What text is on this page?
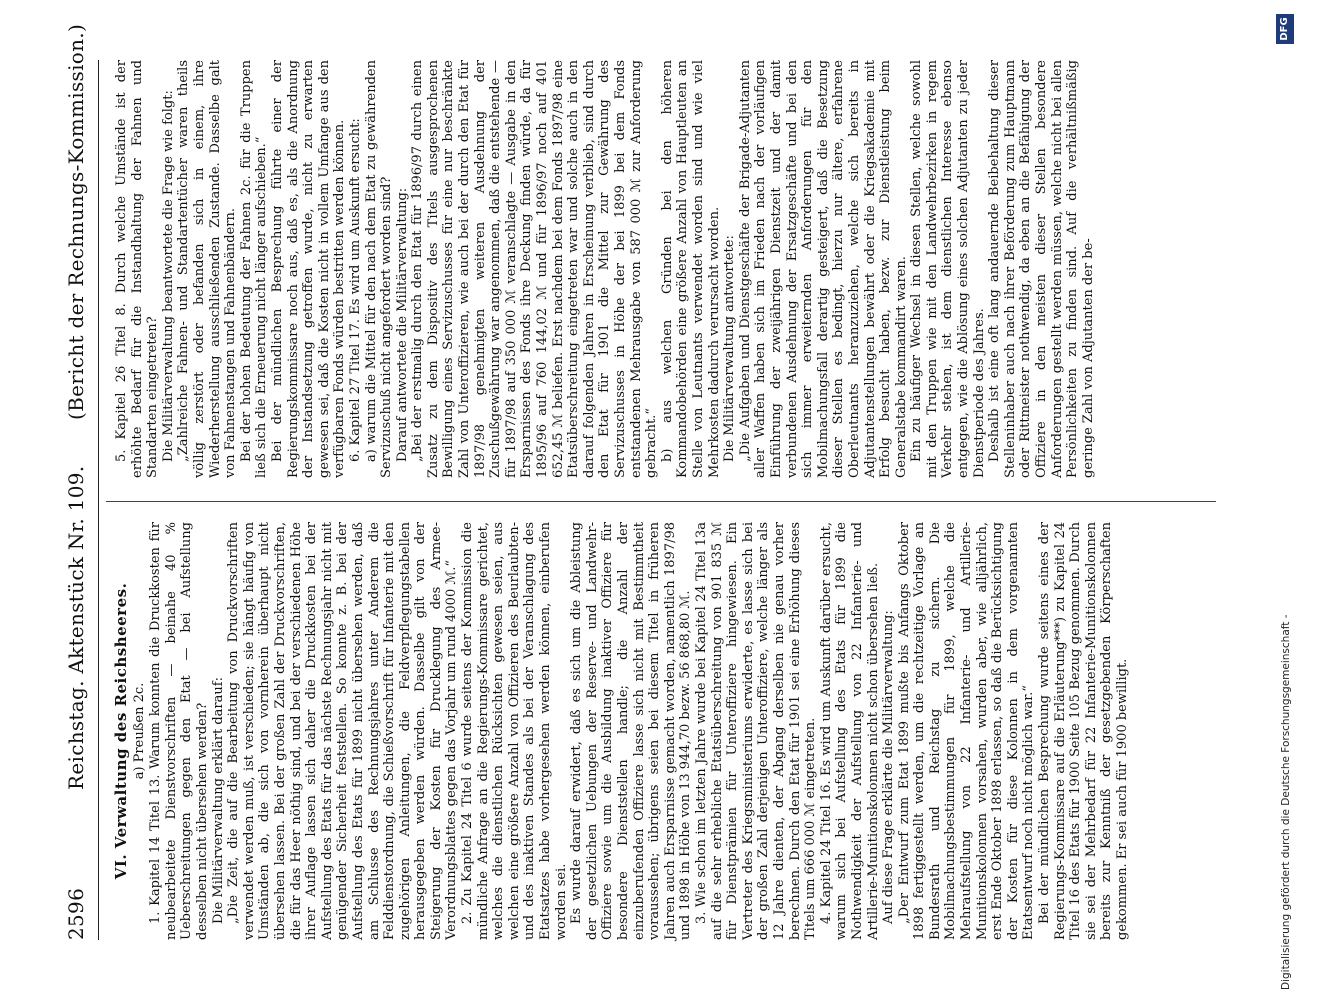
2596
Reichstag. Aktenstück Nr. 109.
(Bericht der Rechnungs-Kommission.)

VI. Verwaltung des Reichsheeres. a) Preußen 2c. 1. Kapitel 14 Titel 13. Warum konnten die Druckkosten für neubearbeitete Dienstvorschriften — beinahe 40 % Ueberschreitungen gegen den Etat — bei Aufstellung desselben nicht übersehen werden? Die Militärverwaltung erklärt darauf: „Die Zeit, die auf die Bearbeitung von Druckvorschriften verwendet werden muß, ist verschieden; sie hängt häufig von Umständen ab, die sich von vornherein überhaupt nicht übersehen lassen. Bei der großen Zahl der Druckvorschriften, die für das Heer nöthig sind, und bei der verschiedenen Höhe ihrer Auflage lassen sich daher die Druckkosten bei der Aufstellung des Etats für das nächste Rechnungsjahr nicht mit genügender Sicherheit feststellen. So konnte z. B. bei der Aufstellung des Etats für 1899 nicht übersehen werden, daß am Schlusse des Rechnungsjahres unter Anderem die Felddienstordnung, die Schießvorschrift für Infanterie mit den zugehörigen Anleitungen, die Feldverpflegungstabellen herausgegeben werden würden. Dasselbe gilt von der Steigerung der Kosten für Drucklegung des Armee-Verordnungsblattes gegen das Vorjahr um rund 4000 ℳ.“ 2. Zu Kapitel 24 Titel 6 wurde seitens der Kommission die mündliche Anfrage an die Regierungs-Kommissare gerichtet, welches die dienstlichen Rücksichten gewesen seien, aus welchen eine größere Anzahl von Offizieren des Beurlaubten- und des inaktiven Standes als bei der Veranschlagung des Etatsatzes habe vorhergesehen werden können, einberufen worden sei. Es wurde darauf erwidert, daß es sich um die Ableistung der gesetzlichen Uebungen der Reserve- und Landwehr-Offiziere sowie um die Ausbildung inaktiver Offiziere für besondere Dienststellen handle; die Anzahl der einzuberufenden Offiziere lasse sich nicht mit Bestimmtheit voraussehen; übrigens seien bei diesem Titel in früheren Jahren auch Ersparnisse gemacht worden, namentlich 1897/98 und 1898 in Höhe von 13 944,70 bezw. 56 868,80 ℳ. 3. Wie schon im letzten Jahre wurde bei Kapitel 24 Titel 13a auf die sehr erhebliche Etatsüberschreitung von 901 835 ℳ für Dienstprämien für Unteroffiziere hingewiesen. Ein Vertreter des Kriegsministeriums erwiderte, es lasse sich bei der großen Zahl derjenigen Unteroffiziere, welche länger als 12 Jahre dienten, der Abgang derselben nie genau vorher berechnen. Durch den Etat für 1901 sei eine Erhöhung dieses Titels um 666 000 ℳ eingetreten. 4. Kapitel 24 Titel 16. Es wird um Auskunft darüber ersucht, warum sich bei Aufstellung des Etats für 1899 die Nothwendigkeit der Aufstellung von 22 Infanterie- und Artillerie-Munitionskolonnen nicht schon übersehen ließ. Auf diese Frage erklärte die Militärverwaltung: „Der Entwurf zum Etat 1899 mußte bis Anfangs Oktober 1898 fertiggestellt werden, um die rechtzeitige Vorlage an Bundesrath und Reichstag zu sichern. Die Mobilmachungsbestimmungen für 1899, welche die Mehraufstellung von 22 Infanterie- und Artillerie-Munitionskolonnen vorsahen, wurden aber, wie alljährlich, erst Ende Oktober 1898 erlassen, so daß die Berücksichtigung der Kosten für diese Kolonnen in dem vorgenannten Etatsentwurf noch nicht möglich war.“ Bei der mündlichen Besprechung wurde seitens eines der Regierungs-Kommissare auf die Erläuterung***) zu Kapitel 24 Titel 16 des Etats für 1900 Seite 105 Bezug genommen. Durch sie sei der Mehrbedarf für 22 Infanterie-Munitionskolonnen bereits zur Kenntniß der gesetzgebenden Körperschaften gekommen. Er sei auch für 1900 bewilligt.

5. Kapitel 26 Titel 8. Durch welche Umstände ist der erhöhte Bedarf für die Instandhaltung der Fahnen und Standarten eingetreten? Die Militärverwaltung beantwortete die Frage wie folgt: „Zahlreiche Fahnen- und Standartentücher waren theils völlig zerstört oder befanden sich in einem, ihre Wiederherstellung ausschließenden Zustande. Dasselbe galt von Fahnenstangen und Fahnenbändern. Bei der hohen Bedeutung der Fahnen 2c. für die Truppen ließ sich die Erneuerung nicht länger aufschieben.“ Bei der mündlichen Besprechung führte einer der Regierungskommissare noch aus, daß es, als die Anordnung der Instandsetzung getroffen wurde, nicht zu erwarten gewesen sei, daß die Kosten nicht in vollem Umfange aus den verfügbaren Fonds würden bestritten werden können. 6. Kapitel 27 Titel 17. Es wird um Auskunft ersucht: a) warum die Mittel für den nach dem Etat zu gewährenden Servizuschuß nicht angefordert worden sind? Darauf antwortete die Militärverwaltung: „Bei der erstmalig durch den Etat für 1896/97 durch einen Zusatz zu dem Dispositiv des Titels ausgesprochenen Bewilligung eines Servizuschusses für eine nur beschränkte Zahl von Unteroffizieren, wie auch bei der durch den Etat für 1897/98 genehmigten weiteren Ausdehnung der Zuschußgewährung war angenommen, daß die entstehende — für 1897/98 auf 350 000 ℳ veranschlagte — Ausgabe in den Ersparnissen des Fonds ihre Deckung finden würde, da für 1895/96 auf 760 144,02 ℳ und für 1896/97 noch auf 401 652,45 ℳ beliefen. Erst nachdem bei dem Fonds 1897/98 eine Etatsüberschreitung eingetreten war und solche auch in den darauf folgenden Jahren in Erscheinung verblieb, sind durch den Etat für 1901 die Mittel zur Gewährung des Servizuschusses in Höhe der bei 1899 bei dem Fonds entstandenen Mehrausgabe von 587 000 ℳ zur Anforderung gebracht.“ b) aus welchen Gründen bei den höheren Kommandobehörden eine größere Anzahl von Hauptleuten an Stelle von Leutnants verwendet worden sind und wie viel Mehrkosten dadurch verursacht worden. Die Militärverwaltung antwortete: „Die Aufgaben und Dienstgeschäfte der Brigade-Adjutanten aller Waffen haben sich im Frieden nach der vorläufigen Einführung der zweijährigen Dienstzeit und der damit verbundenen Ausdehnung der Ersatzgeschäfte und bei den sich immer erweiternden Anforderungen für den Mobilmachungsfall derartig gesteigert, daß die Besetzung dieser Stellen es bedingt, hierzu nur ältere, erfahrene Oberleutnants heranzuziehen, welche sich bereits in Adjutantenstellungen bewährt oder die Kriegsakademie mit Erfolg besucht haben, bezw. zur Dienstleistung beim Generalstabe kommandirt waren. Ein zu häufiger Wechsel in diesen Stellen, welche sowohl mit den Truppen wie mit den Landwehrbezirken in regem Verkehr stehen, ist dem dienstlichen Interesse ebenso entgegen, wie die Ablösung eines solchen Adjutanten zu jeder Dienstperiode des Jahres. Deshalb ist eine oft lang andauernde Beibehaltung dieser Stelleninhaber auch nach ihrer Beförderung zum Hauptmann oder Rittmeister nothwendig, da eben an die Befähigung der Offiziere in den meisten dieser Stellen besondere Anforderungen gestellt werden müssen, welche nicht bei allen Persönlichkeiten zu finden sind. Auf die verhältnißmäßig geringe Zahl von Adjutanten der be-

Digitalisierung gefördert durch die Deutsche Forschungsgemeinschaft -
DFG
